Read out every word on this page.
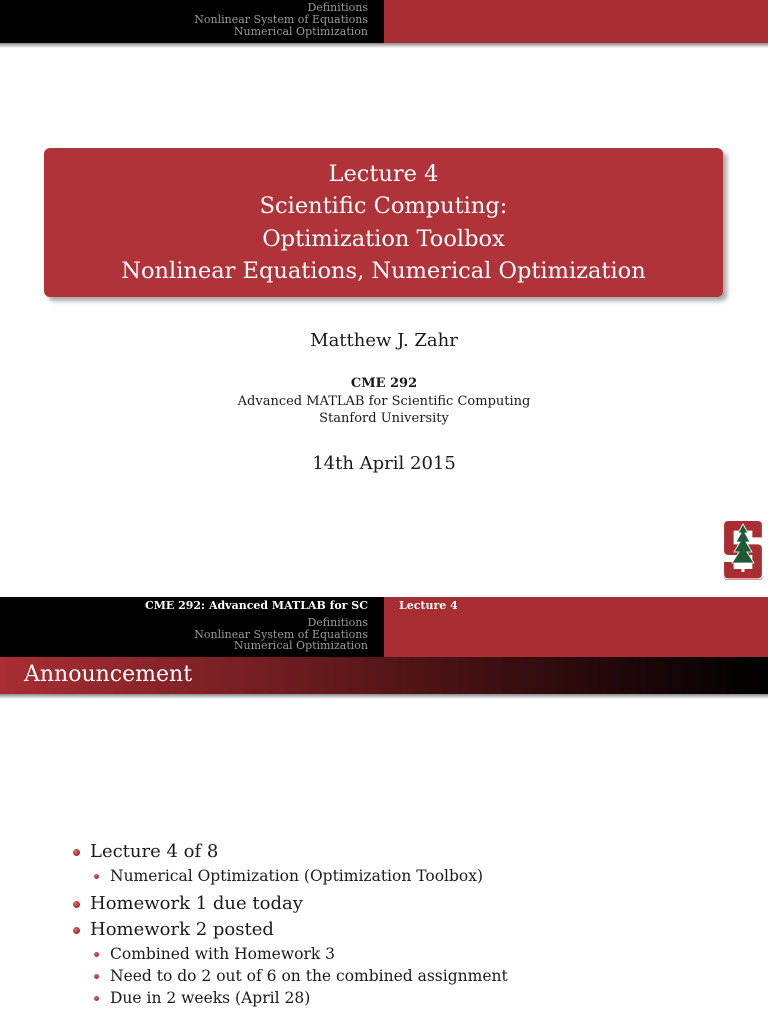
Definitions
Nonlinear System of Equations
Numerical Optimization
Lecture 4
Scientific Computing:
Optimization Toolbox
Nonlinear Equations, Numerical Optimization
Matthew J. Zahr
CME 292
Advanced MATLAB for Scientific Computing
Stanford University
14th April 2015
CME 292: Advanced MATLAB for SC
Definitions
Nonlinear System of Equations
Numerical Optimization
Lecture 4
Announcement
Lecture 4 of 8
Numerical Optimization (Optimization Toolbox)
Homework 1 due today
Homework 2 posted
Combined with Homework 3
Need to do 2 out of 6 on the combined assignment
Due in 2 weeks (April 28)
